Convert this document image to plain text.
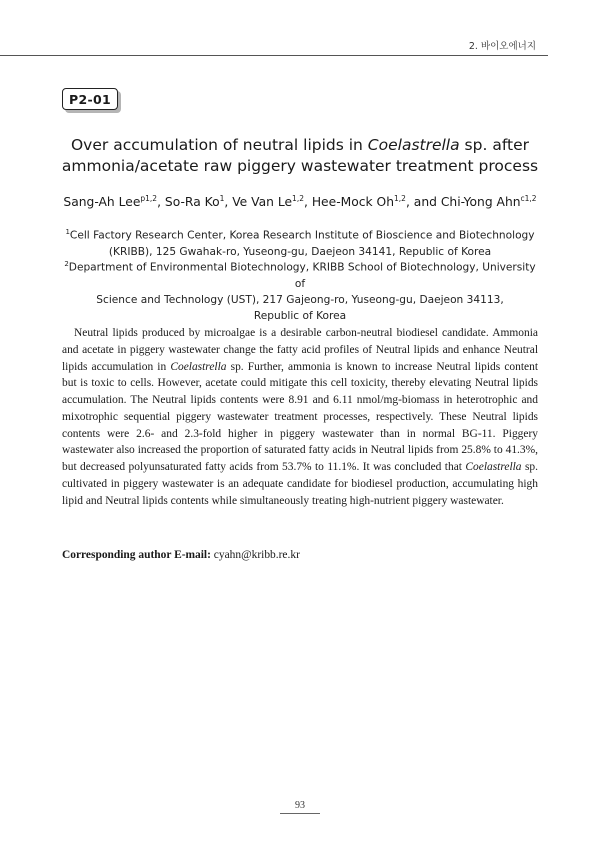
2. 바이오에너지
P2-01
Over accumulation of neutral lipids in Coelastrella sp. after
ammonia/acetate raw piggery wastewater treatment process
Sang-Ah Lee$^{p1,2}$, So-Ra Ko$^1$, Ve Van Le$^{1,2}$, Hee-Mock Oh$^{1,2}$, and Chi-Yong Ahn$^{c1,2}$
$^1$Cell Factory Research Center, Korea Research Institute of Bioscience and Biotechnology
(KRIBB), 125 Gwahak-ro, Yuseong-gu, Daejeon 34141, Republic of Korea
$^2$Department of Environmental Biotechnology, KRIBB School of Biotechnology, University of
Science and Technology (UST), 217 Gajeong-ro, Yuseong-gu, Daejeon 34113,
Republic of Korea

Neutral lipids produced by microalgae is a desirable carbon-neutral biodiesel candidate. Ammonia and acetate in piggery wastewater change the fatty acid profiles of Neutral lipids and enhance Neutral lipids accumulation in Coelastrella sp. Further, ammonia is known to increase Neutral lipids content but is toxic to cells. However, acetate could mitigate this cell toxicity, thereby elevating Neutral lipids accumulation. The Neutral lipids contents were 8.91 and 6.11 nmol/mg-biomass in heterotrophic and mixotrophic sequential piggery wastewater treatment processes, respectively. These Neutral lipids contents were 2.6- and 2.3-fold higher in piggery wastewater than in normal BG-11. Piggery wastewater also increased the proportion of saturated fatty acids in Neutral lipids from 25.8% to 41.3%, but decreased polyunsaturated fatty acids from 53.7% to 11.1%. It was concluded that Coelastrella sp. cultivated in piggery wastewater is an adequate candidate for biodiesel production, accumulating high lipid and Neutral lipids contents while simultaneously treating high-nutrient piggery wastewater.

Corresponding author E-mail: cyahn@kribb.re.kr
93
